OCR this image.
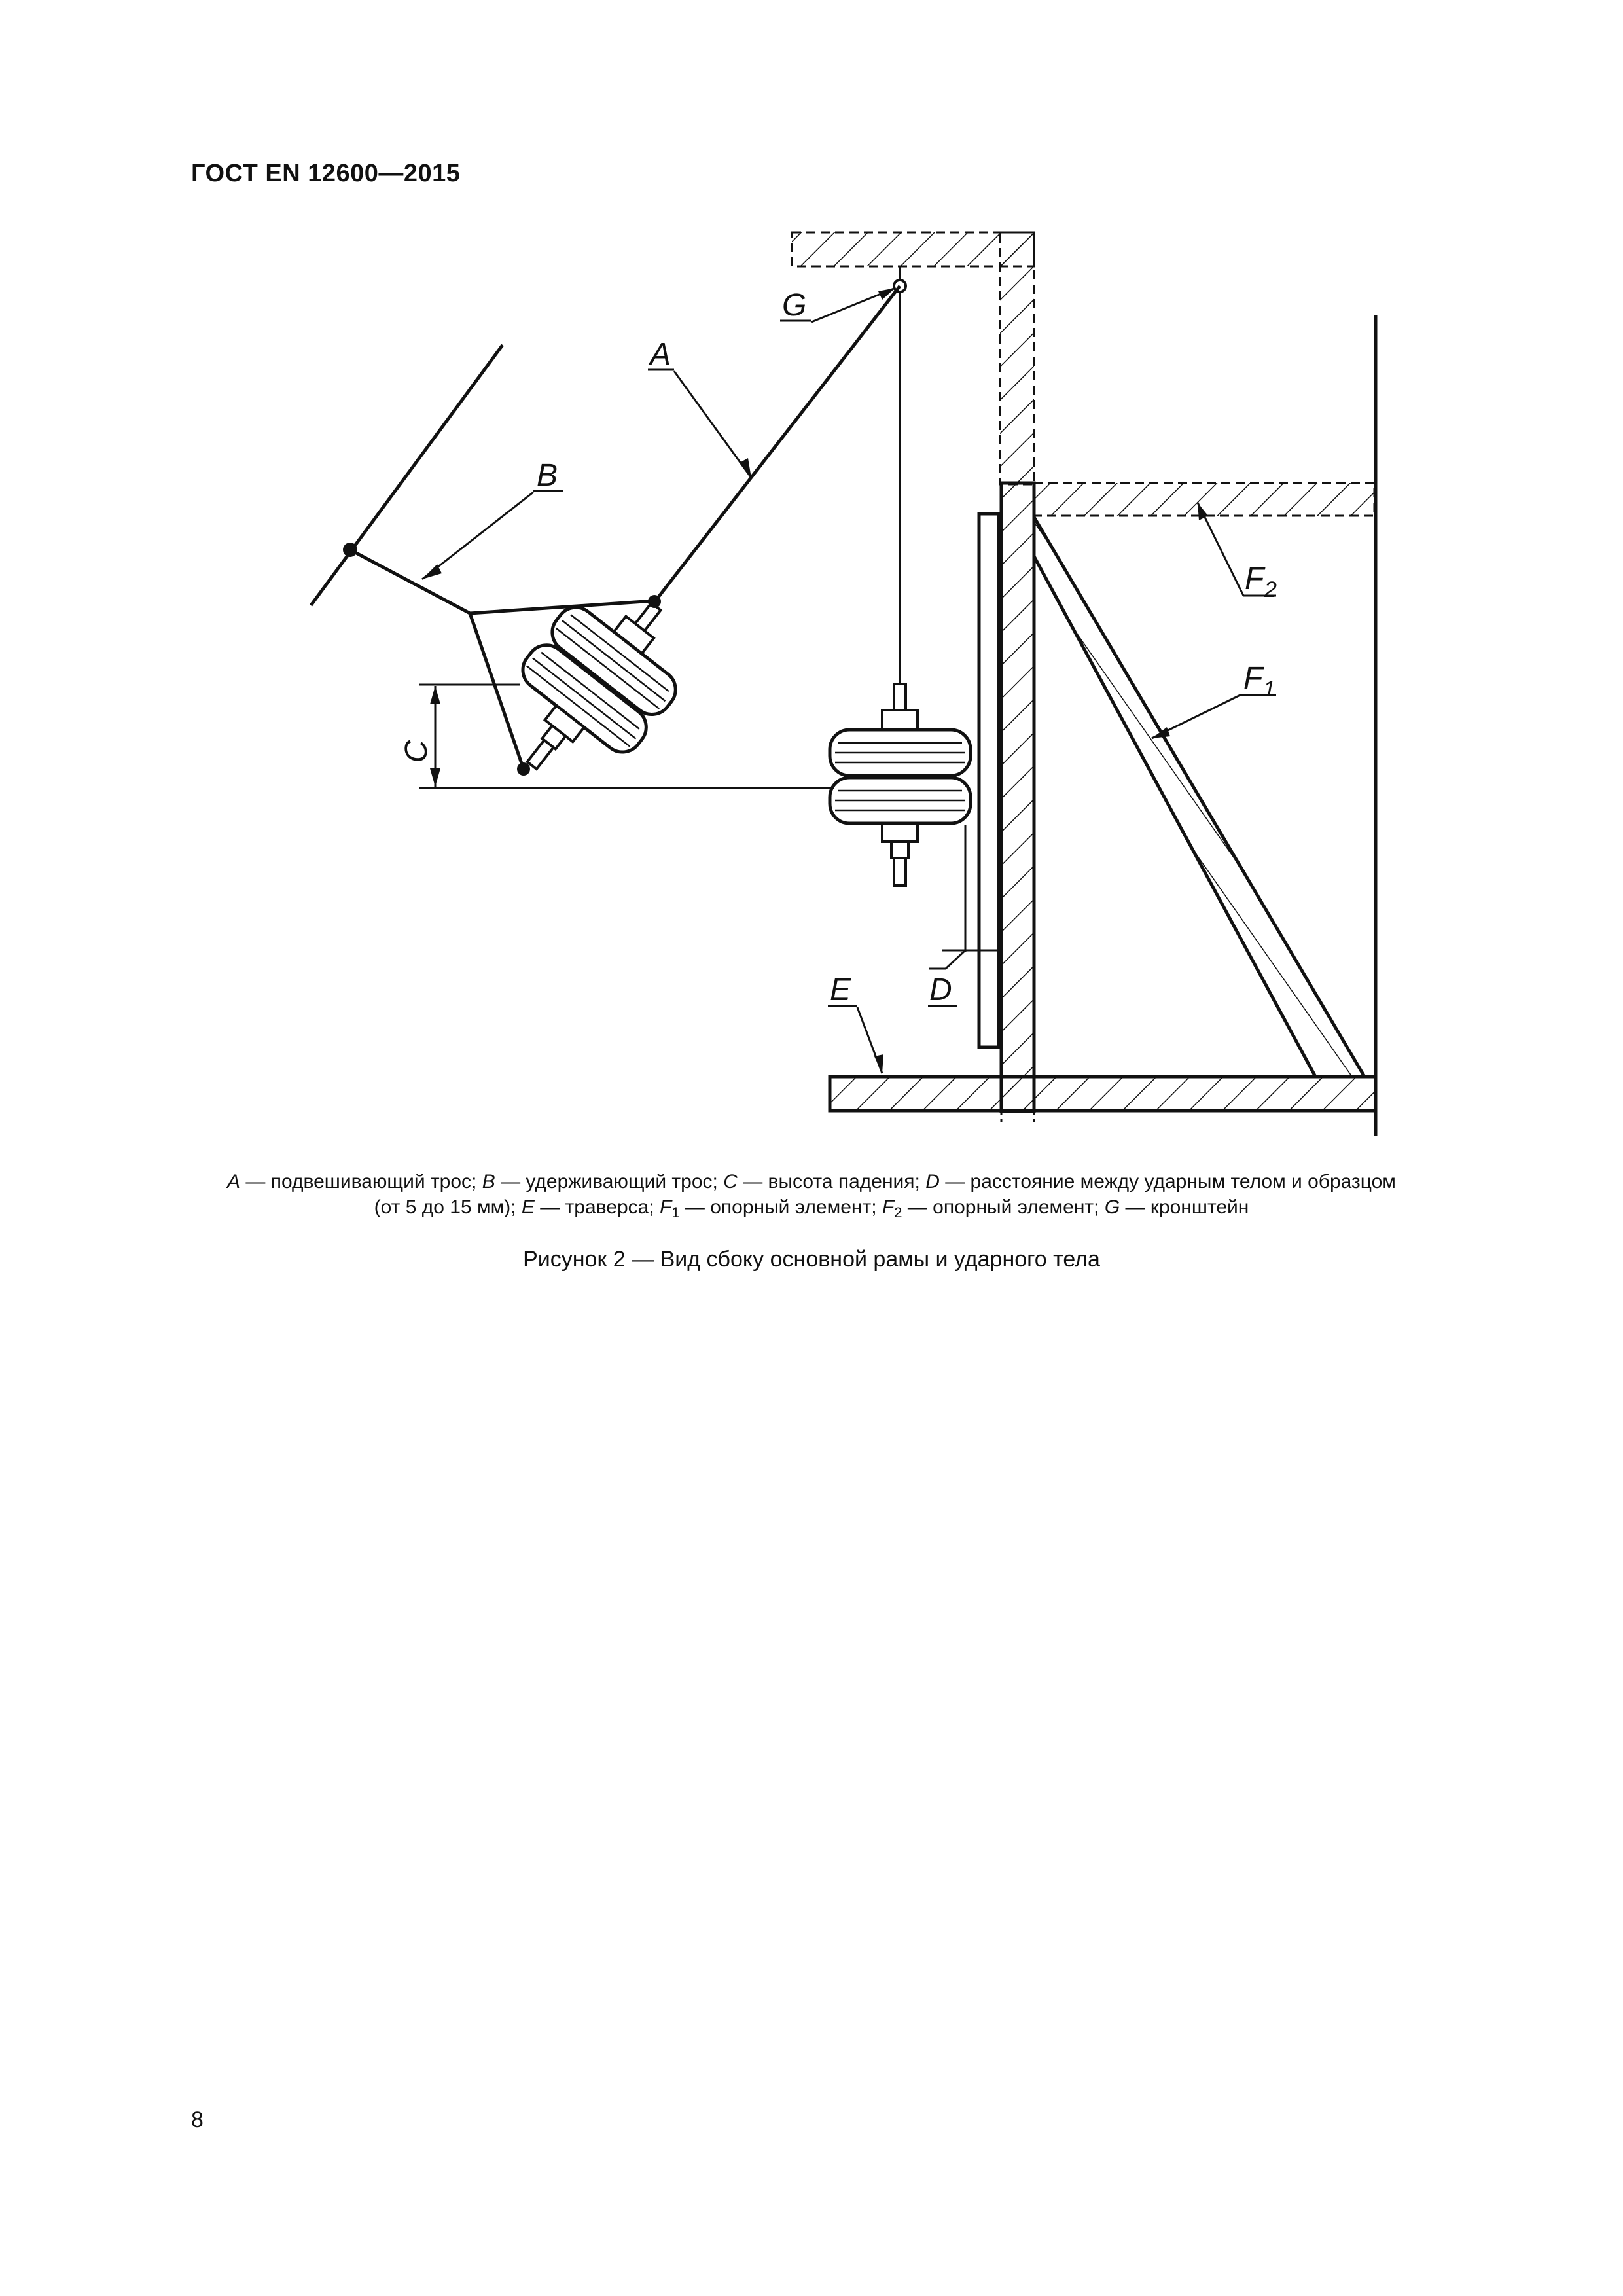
ГОСТ EN 12600—2015
A
B
G
E D
C
F 2
F 1
A — подвешивающий трос; B — удерживающий трос; C — высота падения; D — расстояние между ударным телом и образцом
(от 5 до 15 мм); E — траверса; $F_1$ — опорный элемент; $F_2$ — опорный элемент; G — кронштейн
Рисунок 2 — Вид сбоку основной рамы и ударного тела
8
